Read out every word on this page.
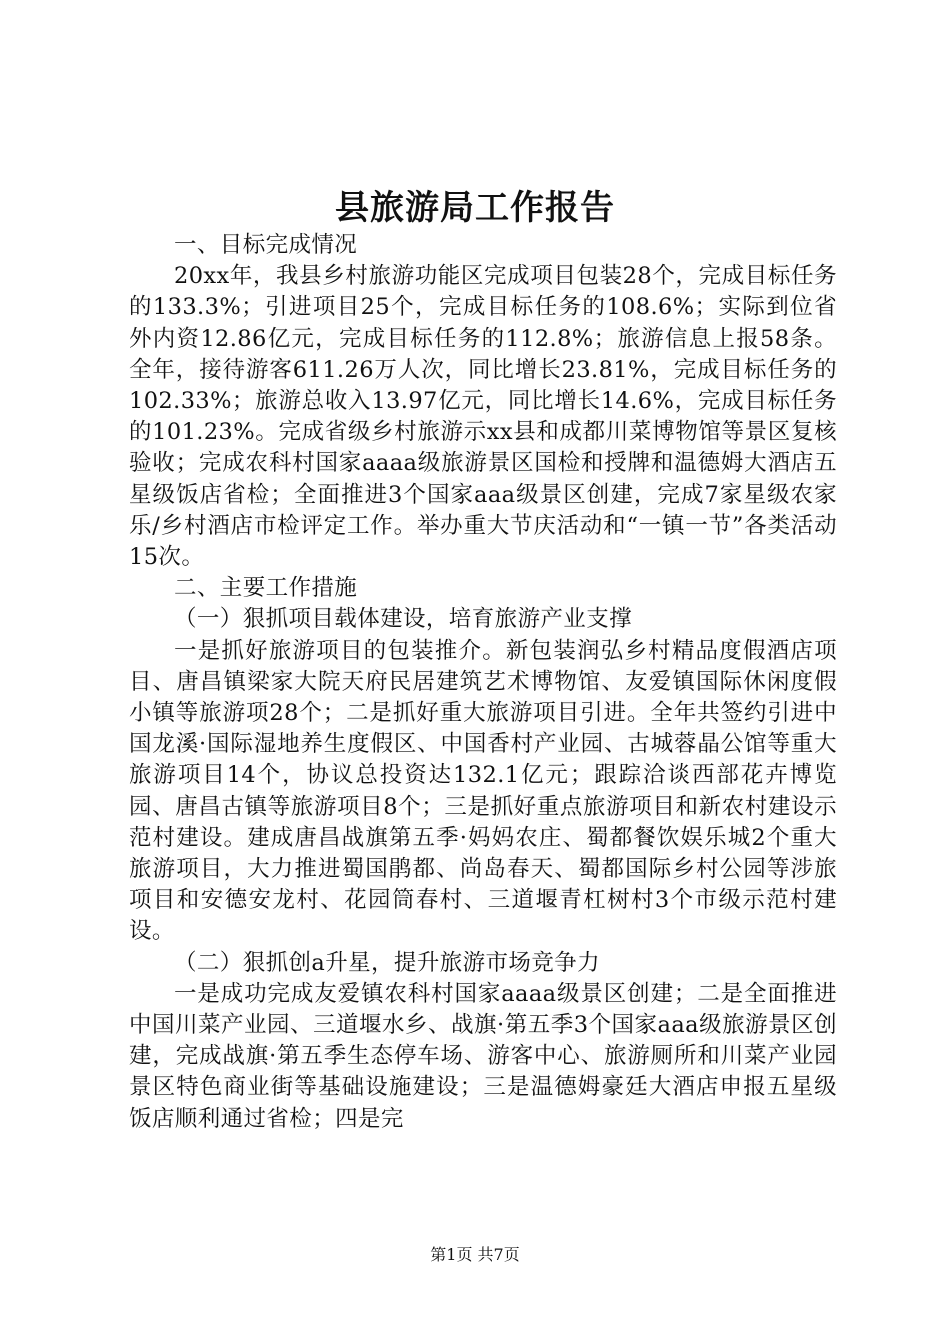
县旅游局工作报告

一、目标完成情况

20xx年，我县乡村旅游功能区完成项目包装28个，完成目标任务的133.3%；引进项目25个，完成目标任务的108.6%；实际到位省外内资12.86亿元，完成目标任务的112.8%；旅游信息上报58条。全年，接待游客611.26万人次，同比增长23.81%，完成目标任务的102.33%；旅游总收入13.97亿元，同比增长14.6%，完成目标任务的101.23%。完成省级乡村旅游示xx县和成都川菜博物馆等景区复核验收；完成农科村国家aaaa级旅游景区国检和授牌和温德姆大酒店五星级饭店省检；全面推进3个国家aaa级景区创建，完成7家星级农家乐/乡村酒店市检评定工作。举办重大节庆活动和“一镇一节”各类活动15次。

二、主要工作措施

（一）狠抓项目载体建设，培育旅游产业支撑

一是抓好旅游项目的包装推介。新包装润弘乡村精品度假酒店项目、唐昌镇梁家大院天府民居建筑艺术博物馆、友爱镇国际休闲度假小镇等旅游项28个；二是抓好重大旅游项目引进。全年共签约引进中国龙溪·国际湿地养生度假区、中国香村产业园、古城蓉晶公馆等重大旅游项目14个，协议总投资达132.1亿元；跟踪洽谈西部花卉博览园、唐昌古镇等旅游项目8个；三是抓好重点旅游项目和新农村建设示范村建设。建成唐昌战旗第五季·妈妈农庄、蜀都餐饮娱乐城2个重大旅游项目，大力推进蜀国鹃都、尚岛春天、蜀都国际乡村公园等涉旅项目和安德安龙村、花园筒春村、三道堰青杠树村3个市级示范村建设。

（二）狠抓创a升星，提升旅游市场竞争力

一是成功完成友爱镇农科村国家aaaa级景区创建；二是全面推进中国川菜产业园、三道堰水乡、战旗·第五季3个国家aaa级旅游景区创建，完成战旗·第五季生态停车场、游客中心、旅游厕所和川菜产业园景区特色商业街等基础设施建设；三是温德姆豪廷大酒店申报五星级饭店顺利通过省检；四是完

第1页 共7页
